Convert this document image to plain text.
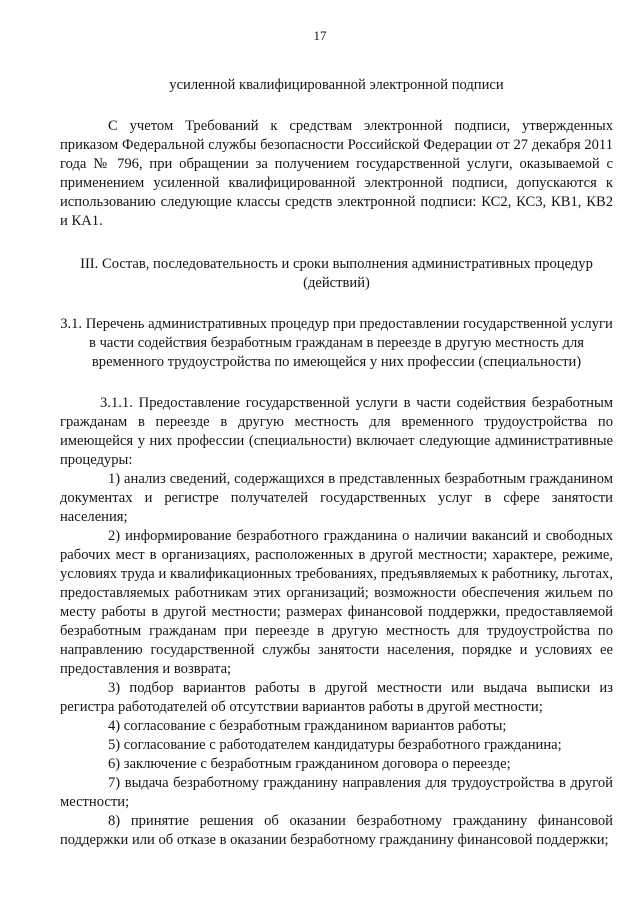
17

усиленной квалифицированной электронной подписи

С учетом Требований к средствам электронной подписи, утвержденных приказом Федеральной службы безопасности Российской Федерации от 27 декабря 2011 года № 796, при обращении за получением государственной услуги, оказываемой с применением усиленной квалифицированной электронной подписи, допускаются к использованию следующие классы средств электронной подписи: КС2, КС3, КВ1, КВ2 и КА1.

III. Состав, последовательность и сроки выполнения административных процедур (действий)

3.1. Перечень административных процедур при предоставлении государственной услуги в части содействия безработным гражданам в переезде в другую местность для временного трудоустройства по имеющейся у них профессии (специальности)

3.1.1. Предоставление государственной услуги в части содействия безработным гражданам в переезде в другую местность для временного трудоустройства по имеющейся у них профессии (специальности) включает следующие административные процедуры:

1) анализ сведений, содержащихся в представленных безработным гражданином документах и регистре получателей государственных услуг в сфере занятости населения;

2) информирование безработного гражданина о наличии вакансий и свободных рабочих мест в организациях, расположенных в другой местности; характере, режиме, условиях труда и квалификационных требованиях, предъявляемых к работнику, льготах, предоставляемых работникам этих организаций; возможности обеспечения жильем по месту работы в другой местности; размерах финансовой поддержки, предоставляемой безработным гражданам при переезде в другую местность для трудоустройства по направлению государственной службы занятости населения, порядке и условиях ее предоставления и возврата;

3) подбор вариантов работы в другой местности или выдача выписки из регистра работодателей об отсутствии вариантов работы в другой местности;

4) согласование с безработным гражданином вариантов работы;

5) согласование с работодателем кандидатуры безработного гражданина;

6) заключение с безработным гражданином договора о переезде;

7) выдача безработному гражданину направления для трудоустройства в другой местности;

8) принятие решения об оказании безработному гражданину финансовой поддержки или об отказе в оказании безработному гражданину финансовой поддержки;
